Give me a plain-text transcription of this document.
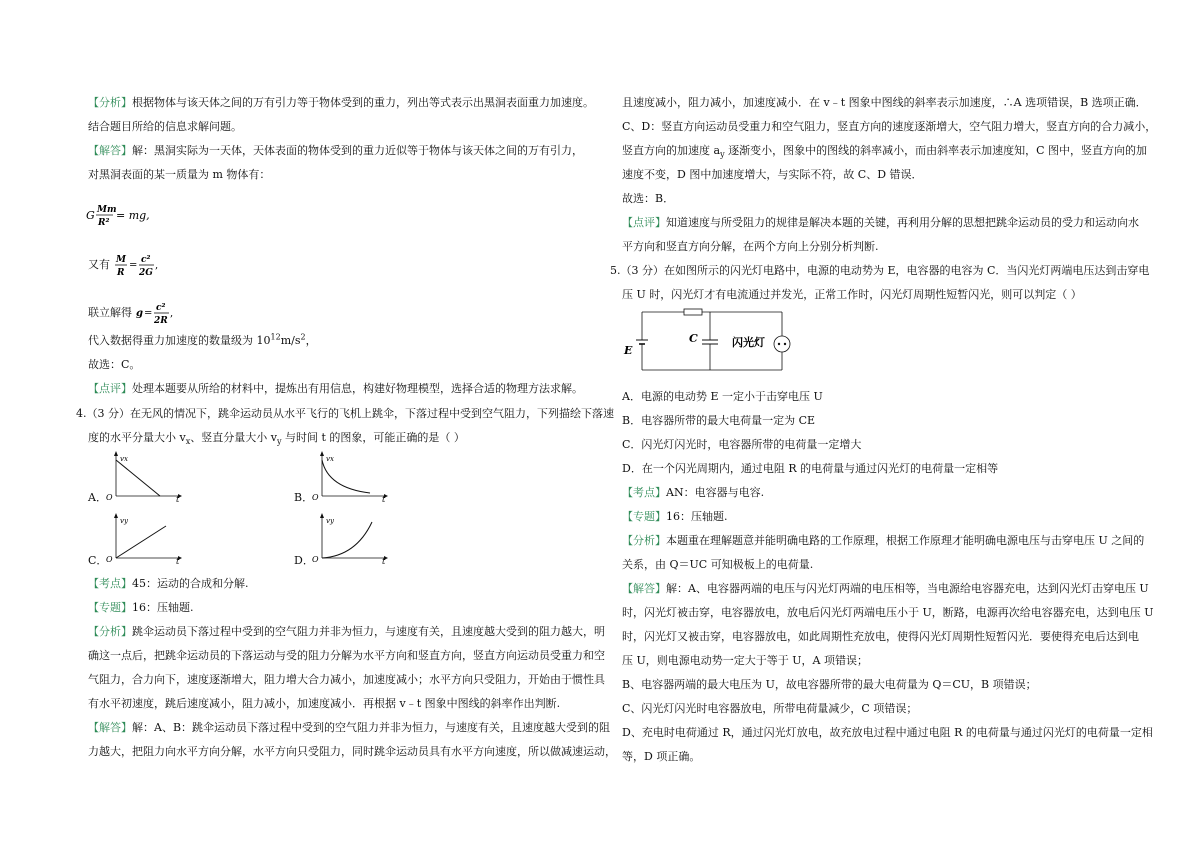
【分析】根据物体与该天体之间的万有引力等于物体受到的重力，列出等式表示出黑洞表面重力加速度。
结合题目所给的信息求解问题。
【解答】解：黑洞实际为一天体，天体表面的物体受到的重力近似等于物体与该天体之间的万有引力，
对黑洞表面的某一质量为 m 物体有：
G Mm
R²
= mg,
又有 M
R
= c²
2G
,
联立解得 g = c²
2R
,
代入数据得重力加速度的数量级为 $10^{12}m/s^2$，
故选：C。
【点评】处理本题要从所给的材料中，提炼出有用信息，构建好物理模型，选择合适的物理方法求解。
4.（3 分）在无风的情况下，跳伞运动员从水平飞行的飞机上跳伞，下落过程中受到空气阻力，下列描绘下落速
度的水平分量大小 $v_x$、竖直分量大小 $v_y$ 与时间 t 的图象，可能正确的是（ ）
A．
vx
O	t	B．
vx
O	t
C．
vy
O	t	D．
vy
O	t
【考点】45：运动的合成和分解.
【专题】16：压轴题.
【分析】跳伞运动员下落过程中受到的空气阻力并非为恒力，与速度有关，且速度越大受到的阻力越大，明
确这一点后，把跳伞运动员的下落运动与受的阻力分解为水平方向和竖直方向，竖直方向运动员受重力和空
气阻力，合力向下，速度逐渐增大，阻力增大合力减小，加速度减小；水平方向只受阻力，开始由于惯性具
有水平初速度，跳后速度减小，阻力减小，加速度减小．再根据 v﹣t 图象中图线的斜率作出判断.
【解答】解：A、B：跳伞运动员下落过程中受到的空气阻力并非为恒力，与速度有关，且速度越大受到的阻
力越大，把阻力向水平方向分解，水平方向只受阻力，同时跳伞运动员具有水平方向速度，所以做减速运动，
且速度减小，阻力减小，加速度减小．在 v﹣t 图象中图线的斜率表示加速度，∴A 选项错误，B 选项正确．
C、D：竖直方向运动员受重力和空气阻力，竖直方向的速度逐渐增大，空气阻力增大，竖直方向的合力减小，
竖直方向的加速度 $a_y$ 逐渐变小，图象中的图线的斜率减小，而由斜率表示加速度知，C 图中，竖直方向的加
速度不变，D 图中加速度增大，与实际不符，故 C、D 错误．
故选：B．
【点评】知道速度与所受阻力的规律是解决本题的关键，再利用分解的思想把跳伞运动员的受力和运动向水
平方向和竖直方向分解，在两个方向上分别分析判断.
5.（3 分）在如图所示的闪光灯电路中，电源的电动势为 E，电容器的电容为 C．当闪光灯两端电压达到击穿电
压 U 时，闪光灯才有电流通过并发光，正常工作时，闪光灯周期性短暂闪光，则可以判定（ ）
E
C	闪光灯
A．电源的电动势 E 一定小于击穿电压 U
B．电容器所带的最大电荷量一定为 CE
C．闪光灯闪光时，电容器所带的电荷量一定增大
D．在一个闪光周期内，通过电阻 R 的电荷量与通过闪光灯的电荷量一定相等
【考点】AN：电容器与电容.
【专题】16：压轴题.
【分析】本题重在理解题意并能明确电路的工作原理，根据工作原理才能明确电源电压与击穿电压 U 之间的
关系，由 Q＝UC 可知极板上的电荷量.
【解答】解：A、电容器两端的电压与闪光灯两端的电压相等，当电源给电容器充电，达到闪光灯击穿电压 U
时，闪光灯被击穿，电容器放电，放电后闪光灯两端电压小于 U，断路，电源再次给电容器充电，达到电压 U
时，闪光灯又被击穿，电容器放电，如此周期性充放电，使得闪光灯周期性短暂闪光．要使得充电后达到电
压 U，则电源电动势一定大于等于 U，A 项错误；
B、电容器两端的最大电压为 U，故电容器所带的最大电荷量为 Q＝CU，B 项错误；
C、闪光灯闪光时电容器放电，所带电荷量减少，C 项错误；
D、充电时电荷通过 R，通过闪光灯放电，故充放电过程中通过电阻 R 的电荷量与通过闪光灯的电荷量一定相
等，D 项正确。
